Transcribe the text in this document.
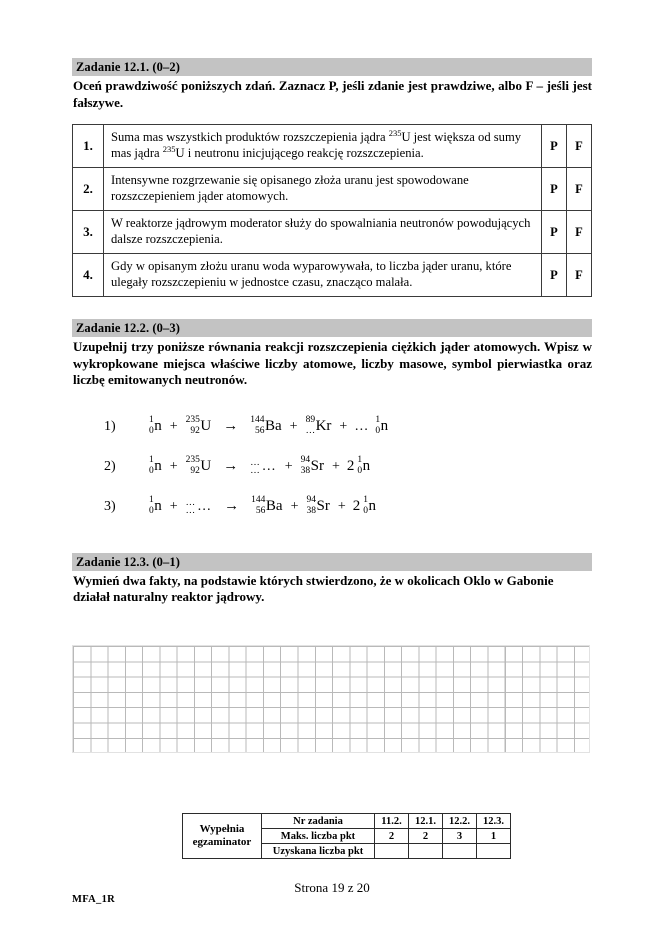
Zadanie 12.1. (0–2)
Oceń prawdziwość poniższych zdań. Zaznacz P, jeśli zdanie jest prawdziwe, albo F – jeśli jest fałszywe.
1.	Suma mas wszystkich produktów rozszczepienia jądra $^{235}$U jest większa od sumy mas jądra $^{235}$U i neutronu inicjującego reakcję rozszczepienia.	P	F
2.	Intensywne rozgrzewanie się opisanego złoża uranu jest spowodowane rozszczepieniem jąder atomowych.	P	F
3.	W reaktorze jądrowym moderator służy do spowalniania neutronów powodujących dalsze rozszczepienia.	P	F
4.	Gdy w opisanym złożu uranu woda wyparowywała, to liczba jąder uranu, które ulegały rozszczepieniu w jednostce czasu, znacząco malała.	P	F
Zadanie 12.2. (0–3)
Uzupełnij trzy poniższe równania reakcji rozszczepienia ciężkich jąder atomowych. Wpisz w wykropkowane miejsca właściwe liczby atomowe, liczby masowe, symbol pierwiastka oraz liczbę emitowanych neutronów.
1)	1
0 n + 235
92 U → 144
56 Ba + 89
… Kr + … 1
0 n
2)	1
0 n + 235
92 U → …
… … + 94
38 Sr + 2 1
0 n
3)	1
0 n + …
… … → 144
56 Ba + 94
38 Sr + 2 1
0 n
Zadanie 12.3. (0–1)
Wymień dwa fakty, na podstawie których stwierdzono, że w okolicach Oklo w Gabonie działał naturalny reaktor jądrowy.
Wypełnia
egzaminator	Nr zadania	11.2.	12.1.	12.2.	12.3.
	Maks. liczba pkt	2	2	3	1
	Uzyskana liczba pkt				
Strona 19 z 20
MFA_1R
